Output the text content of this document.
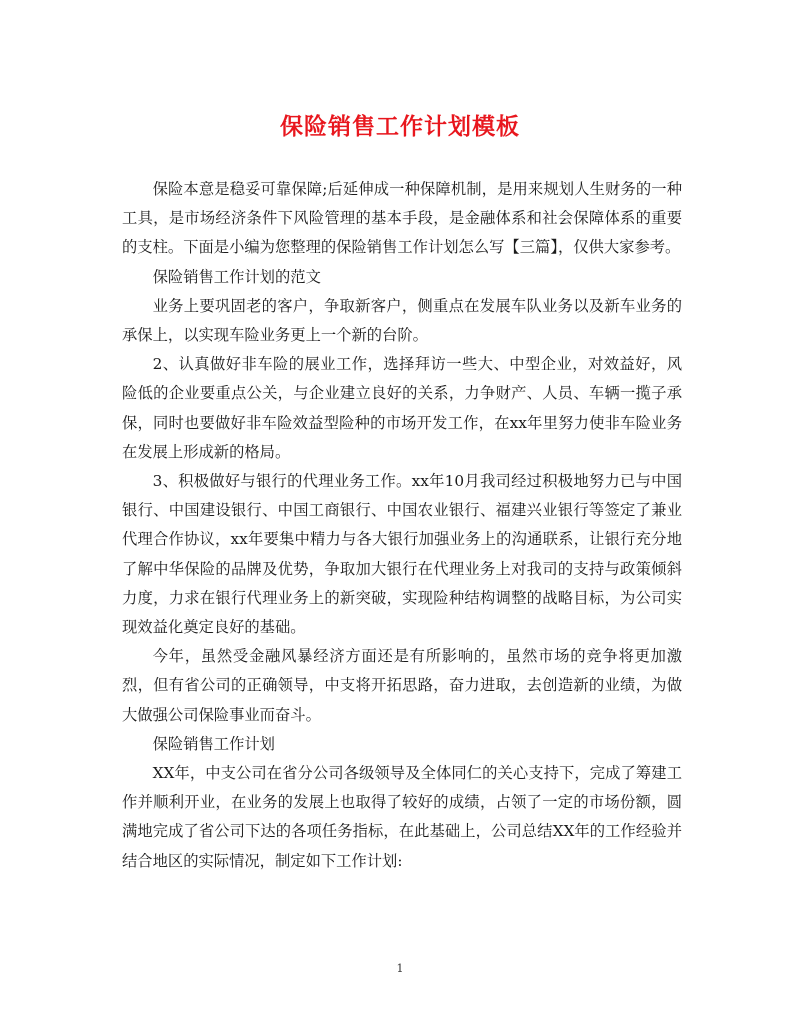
保险销售工作计划模板

保险本意是稳妥可靠保障;后延伸成一种保障机制，是用来规划人生财务的一种工具，是市场经济条件下风险管理的基本手段，是金融体系和社会保障体系的重要的支柱。下面是小编为您整理的保险销售工作计划怎么写【三篇】，仅供大家参考。

保险销售工作计划的范文

业务上要巩固老的客户，争取新客户，侧重点在发展车队业务以及新车业务的承保上，以实现车险业务更上一个新的台阶。

2、认真做好非车险的展业工作，选择拜访一些大、中型企业，对效益好，风险低的企业要重点公关，与企业建立良好的关系，力争财产、人员、车辆一揽子承保，同时也要做好非车险效益型险种的市场开发工作，在xx年里努力使非车险业务在发展上形成新的格局。

3、积极做好与银行的代理业务工作。xx年10月我司经过积极地努力已与中国银行、中国建设银行、中国工商银行、中国农业银行、福建兴业银行等签定了兼业代理合作协议，xx年要集中精力与各大银行加强业务上的沟通联系，让银行充分地了解中华保险的品牌及优势，争取加大银行在代理业务上对我司的支持与政策倾斜力度，力求在银行代理业务上的新突破，实现险种结构调整的战略目标，为公司实现效益化奠定良好的基础。

今年，虽然受金融风暴经济方面还是有所影响的，虽然市场的竞争将更加激烈，但有省公司的正确领导，中支将开拓思路，奋力进取，去创造新的业绩，为做大做强公司保险事业而奋斗。

保险销售工作计划

XX年，中支公司在省分公司各级领导及全体同仁的关心支持下，完成了筹建工作并顺利开业，在业务的发展上也取得了较好的成绩，占领了一定的市场份额，圆满地完成了省公司下达的各项任务指标，在此基础上，公司总结XX年的工作经验并结合地区的实际情况，制定如下工作计划:

1
